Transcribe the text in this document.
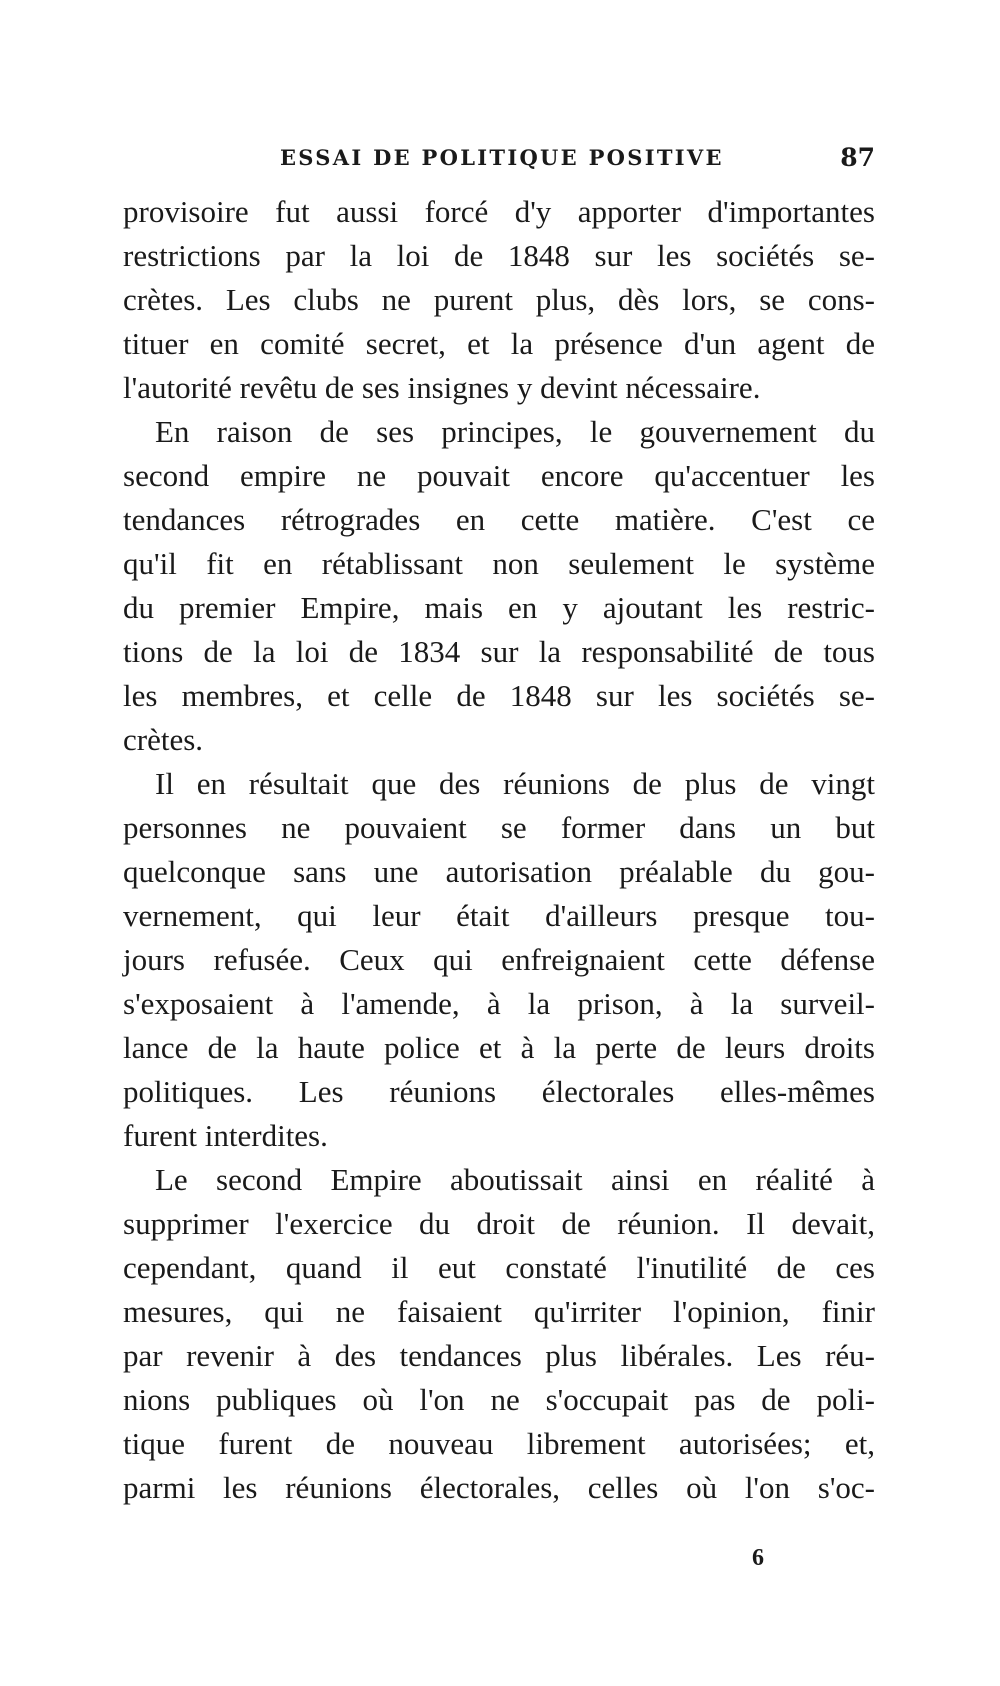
ESSAI DE POLITIQUE POSITIVE	87
provisoire fut aussi forcé d'y apporter d'importantes
restrictions par la loi de 1848 sur les sociétés se-
crètes. Les clubs ne purent plus, dès lors, se cons-
tituer en comité secret, et la présence d'un agent de
l'autorité revêtu de ses insignes y devint nécessaire.
En raison de ses principes, le gouvernement du
second empire ne pouvait encore qu'accentuer les
tendances rétrogrades en cette matière. C'est ce
qu'il fit en rétablissant non seulement le système
du premier Empire, mais en y ajoutant les restric-
tions de la loi de 1834 sur la responsabilité de tous
les membres, et celle de 1848 sur les sociétés se-
crètes.
Il en résultait que des réunions de plus de vingt
personnes ne pouvaient se former dans un but
quelconque sans une autorisation préalable du gou-
vernement, qui leur était d'ailleurs presque tou-
jours refusée. Ceux qui enfreignaient cette défense
s'exposaient à l'amende, à la prison, à la surveil-
lance de la haute police et à la perte de leurs droits
politiques. Les réunions électorales elles-mêmes
furent interdites.
Le second Empire aboutissait ainsi en réalité à
supprimer l'exercice du droit de réunion. Il devait,
cependant, quand il eut constaté l'inutilité de ces
mesures, qui ne faisaient qu'irriter l'opinion, finir
par revenir à des tendances plus libérales. Les réu-
nions publiques où l'on ne s'occupait pas de poli-
tique furent de nouveau librement autorisées; et,
parmi les réunions électorales, celles où l'on s'oc-
6
